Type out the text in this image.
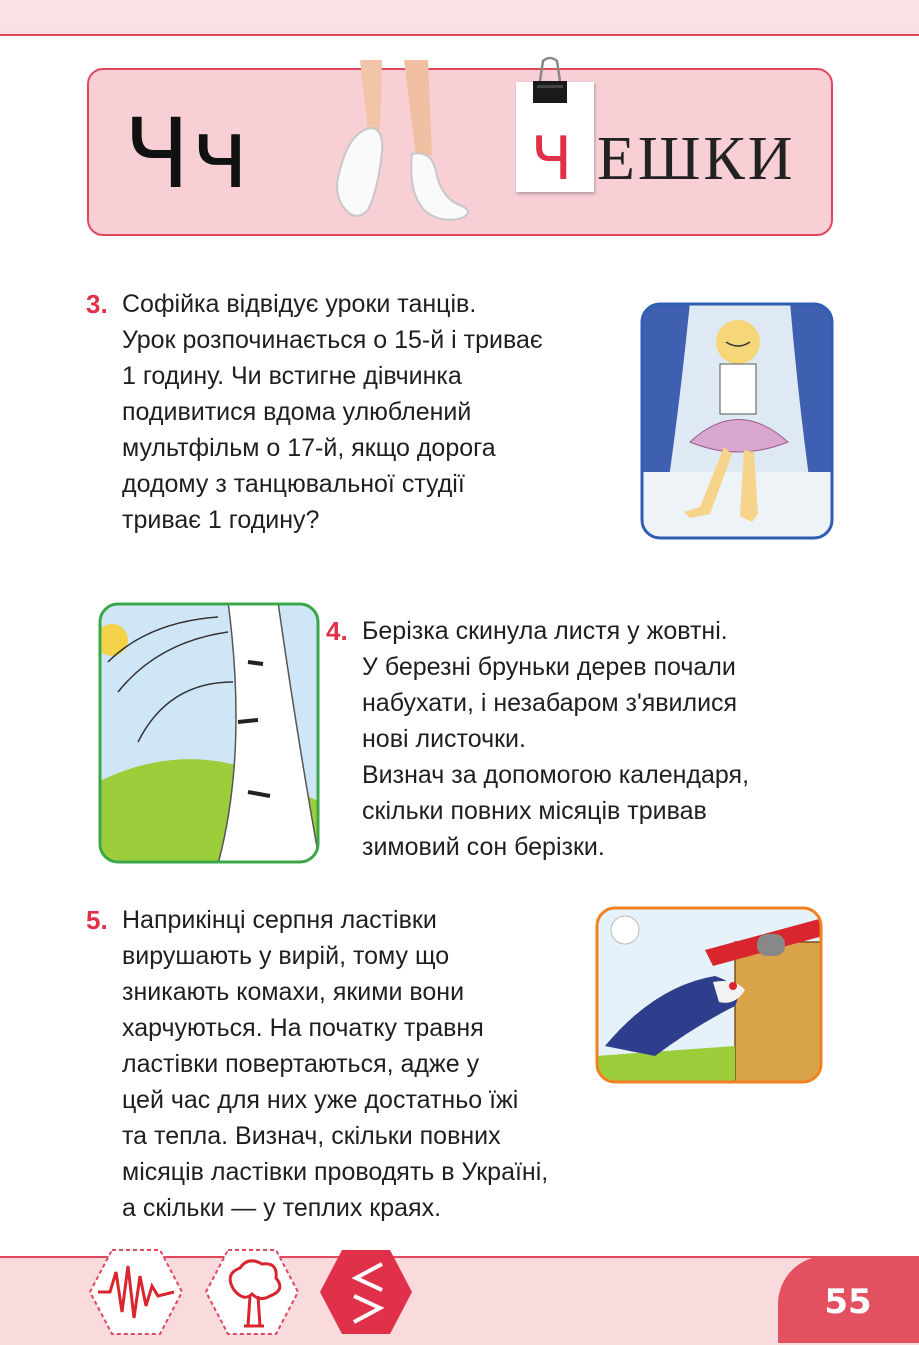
Чч	Ч ЕШКИ
3. Софійка відвідує уроки танців.
Урок розпочинається о 15-й і триває
1 годину. Чи встигне дівчинка
подивитися вдома улюблений
мультфільм о 17-й, якщо дорога
додому з танцювальної студії
триває 1 годину?
4. Берізка скинула листя у жовтні.
У березні бруньки дерев почали
набухати, і незабаром з'явилися
нові листочки.
Визнач за допомогою календаря,
скільки повних місяців тривав
зимовий сон берізки.
5. Наприкінці серпня ластівки
вирушають у вирій, тому що
зникають комахи, якими вони
харчуються. На початку травня
ластівки повертаються, адже у
цей час для них уже достатньо їжі
та тепла. Визнач, скільки повних
місяців ластівки проводять в Україні,
а скільки — у теплих краях.
55
